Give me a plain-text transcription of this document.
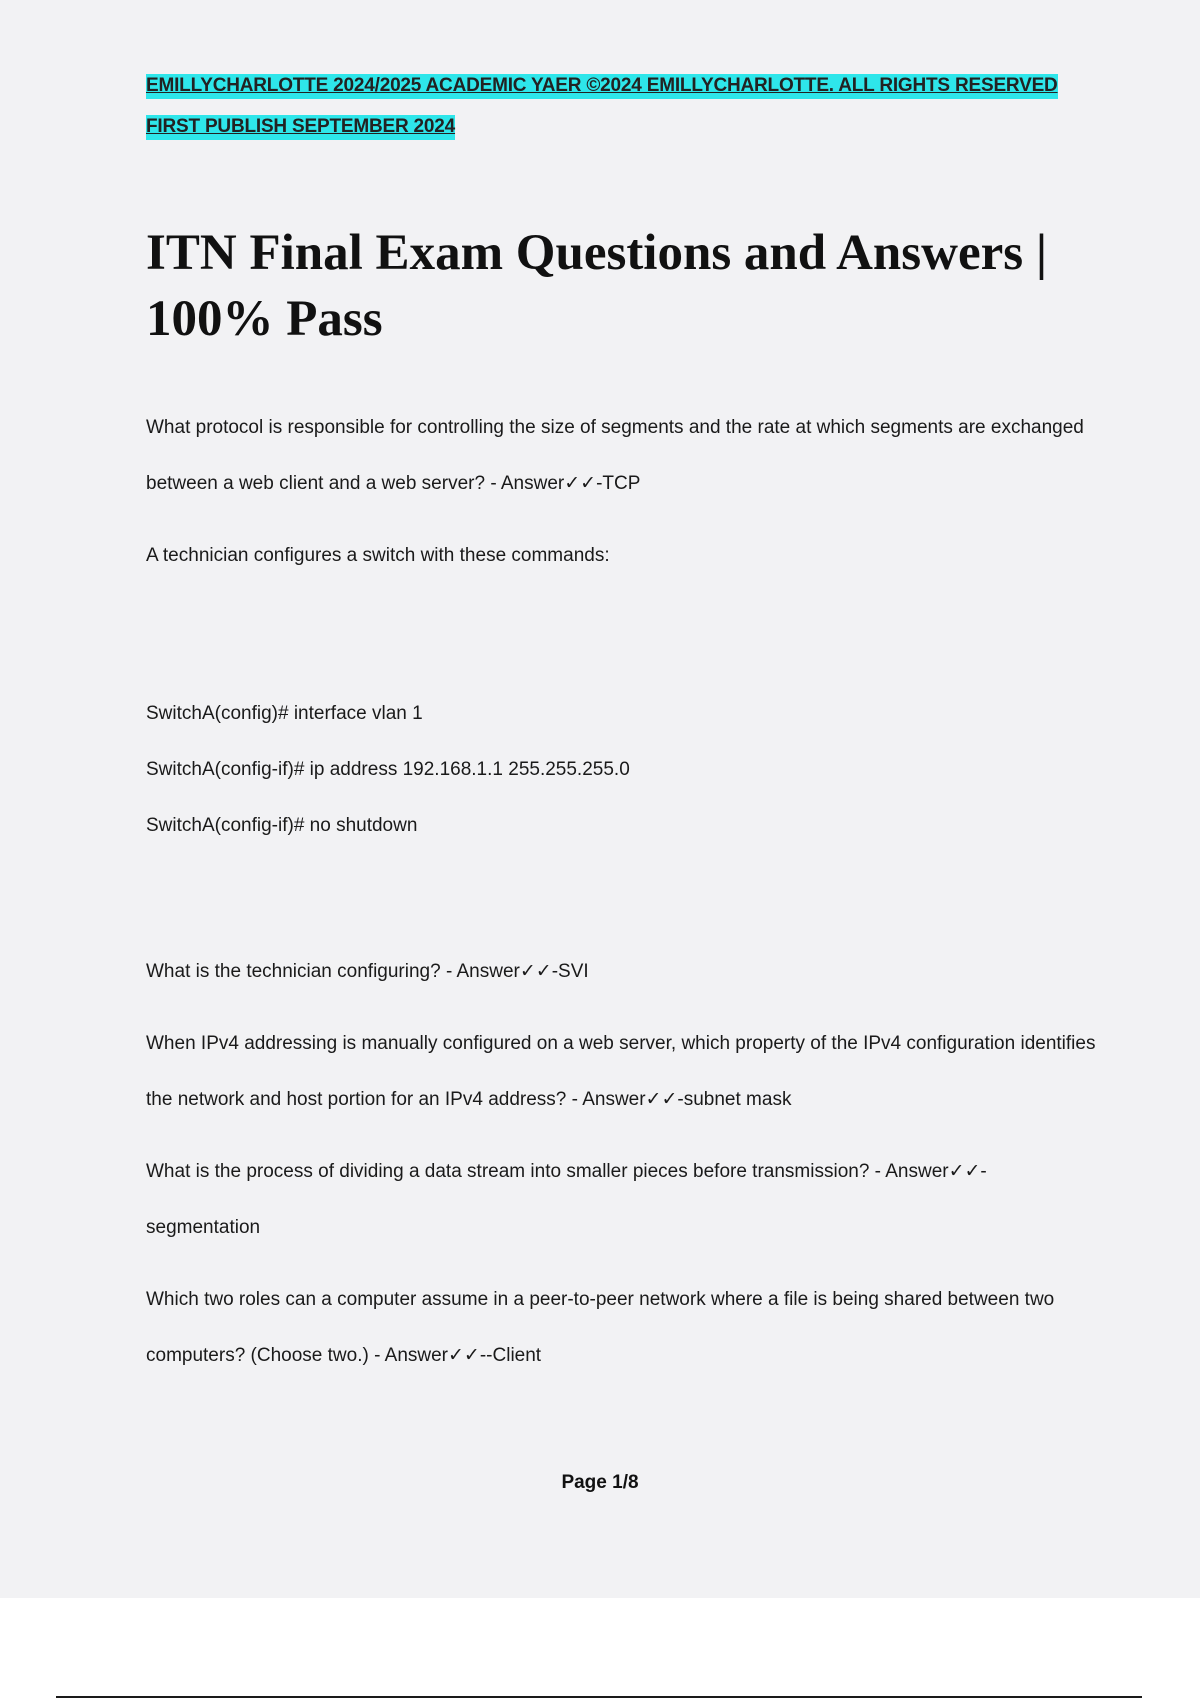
EMILLYCHARLOTTE 2024/2025 ACADEMIC YAER ©2024 EMILLYCHARLOTTE. ALL RIGHTS RESERVED
FIRST PUBLISH SEPTEMBER 2024
ITN Final Exam Questions and Answers | 100% Pass

What protocol is responsible for controlling the size of segments and the rate at which segments are exchanged between a web client and a web server? - Answer✓✓-TCP

A technician configures a switch with these commands:

SwitchA(config)# interface vlan 1

SwitchA(config-if)# ip address 192.168.1.1 255.255.255.0

SwitchA(config-if)# no shutdown

What is the technician configuring? - Answer✓✓-SVI

When IPv4 addressing is manually configured on a web server, which property of the IPv4 configuration identifies the network and host portion for an IPv4 address? - Answer✓✓-subnet mask

What is the process of dividing a data stream into smaller pieces before transmission? - Answer✓✓- segmentation

Which two roles can a computer assume in a peer-to-peer network where a file is being shared between two computers? (Choose two.) - Answer✓✓--Client

Page 1/8
